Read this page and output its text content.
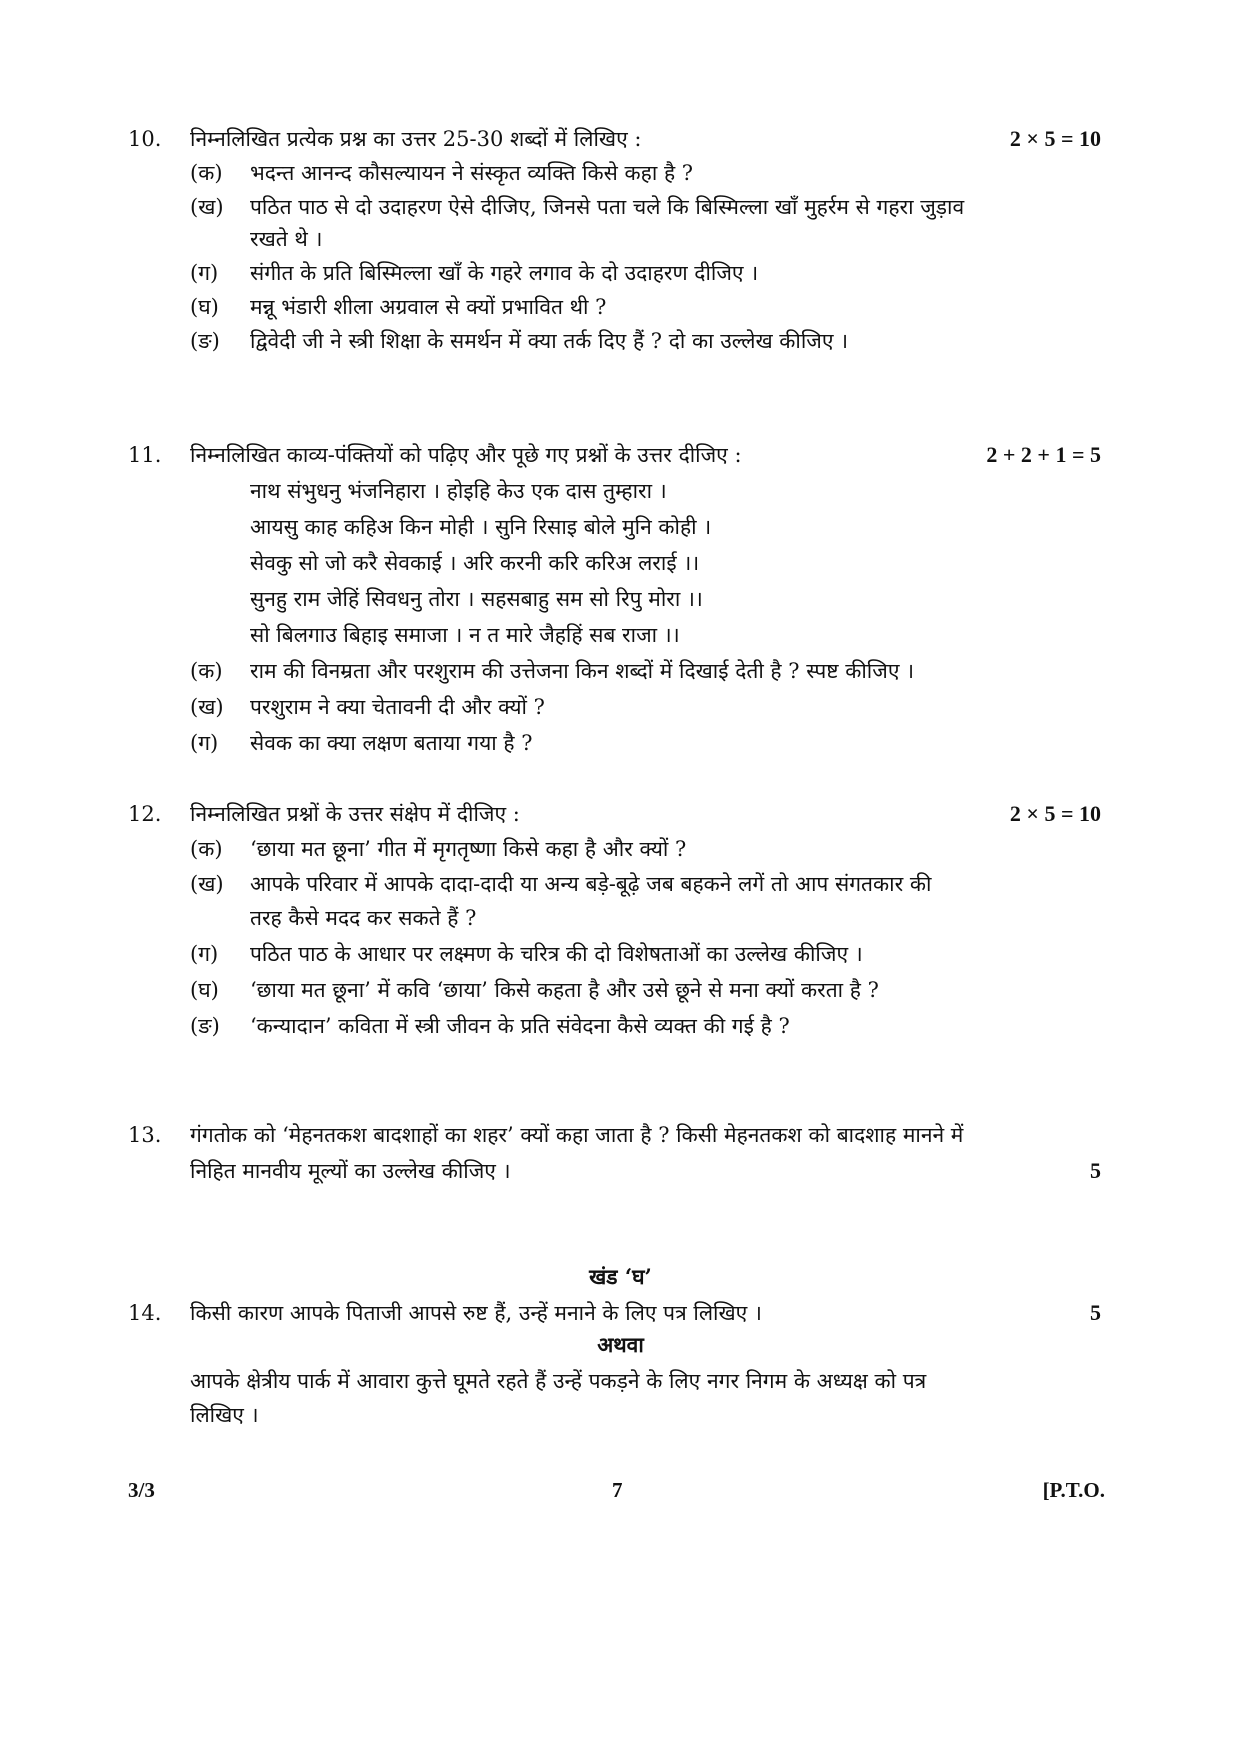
10. निम्नलिखित प्रत्येक प्रश्न का उत्तर 25-30 शब्दों में लिखिए :	2 × 5 = 10
(क) भदन्त आनन्द कौसल्यायन ने संस्कृत व्यक्ति किसे कहा है ?
(ख) पठित पाठ से दो उदाहरण ऐसे दीजिए, जिनसे पता चले कि बिस्मिल्ला खाँ मुहर्रम से गहरा जुड़ाव
रखते थे ।
(ग) संगीत के प्रति बिस्मिल्ला खाँ के गहरे लगाव के दो उदाहरण दीजिए ।
(घ) मन्नू भंडारी शीला अग्रवाल से क्यों प्रभावित थी ?
(ङ) द्विवेदी जी ने स्त्री शिक्षा के समर्थन में क्या तर्क दिए हैं ? दो का उल्लेख कीजिए ।
11. निम्नलिखित काव्य-पंक्तियों को पढ़िए और पूछे गए प्रश्नों के उत्तर दीजिए :	2 + 2 + 1 = 5
नाथ संभुधनु भंजनिहारा । होइहि केउ एक दास तुम्हारा ।
आयसु काह कहिअ किन मोही । सुनि रिसाइ बोले मुनि कोही ।
सेवकु सो जो करै सेवकाई । अरि करनी करि करिअ लराई ।।
सुनहु राम जेहिं सिवधनु तोरा । सहसबाहु सम सो रिपु मोरा ।।
सो बिलगाउ बिहाइ समाजा । न त मारे जैहहिं सब राजा ।।
(क) राम की विनम्रता और परशुराम की उत्तेजना किन शब्दों में दिखाई देती है ? स्पष्ट कीजिए ।
(ख) परशुराम ने क्या चेतावनी दी और क्यों ?
(ग) सेवक का क्या लक्षण बताया गया है ?
12. निम्नलिखित प्रश्नों के उत्तर संक्षेप में दीजिए :	2 × 5 = 10
(क) ‘छाया मत छूना’ गीत में मृगतृष्णा किसे कहा है और क्यों ?
(ख) आपके परिवार में आपके दादा-दादी या अन्य बड़े-बूढ़े जब बहकने लगें तो आप संगतकार की
तरह कैसे मदद कर सकते हैं ?
(ग) पठित पाठ के आधार पर लक्ष्मण के चरित्र की दो विशेषताओं का उल्लेख कीजिए ।
(घ) ‘छाया मत छूना’ में कवि ‘छाया’ किसे कहता है और उसे छूने से मना क्यों करता है ?
(ङ) ‘कन्यादान’ कविता में स्त्री जीवन के प्रति संवेदना कैसे व्यक्त की गई है ?
13. गंगतोक को ‘मेहनतकश बादशाहों का शहर’ क्यों कहा जाता है ? किसी मेहनतकश को बादशाह मानने में
निहित मानवीय मूल्यों का उल्लेख कीजिए ।	5
खंड ‘घ’
14. किसी कारण आपके पिताजी आपसे रुष्ट हैं, उन्हें मनाने के लिए पत्र लिखिए ।	5
अथवा
आपके क्षेत्रीय पार्क में आवारा कुत्ते घूमते रहते हैं उन्हें पकड़ने के लिए नगर निगम के अध्यक्ष को पत्र
लिखिए ।
3/3	7	[P.T.O.
